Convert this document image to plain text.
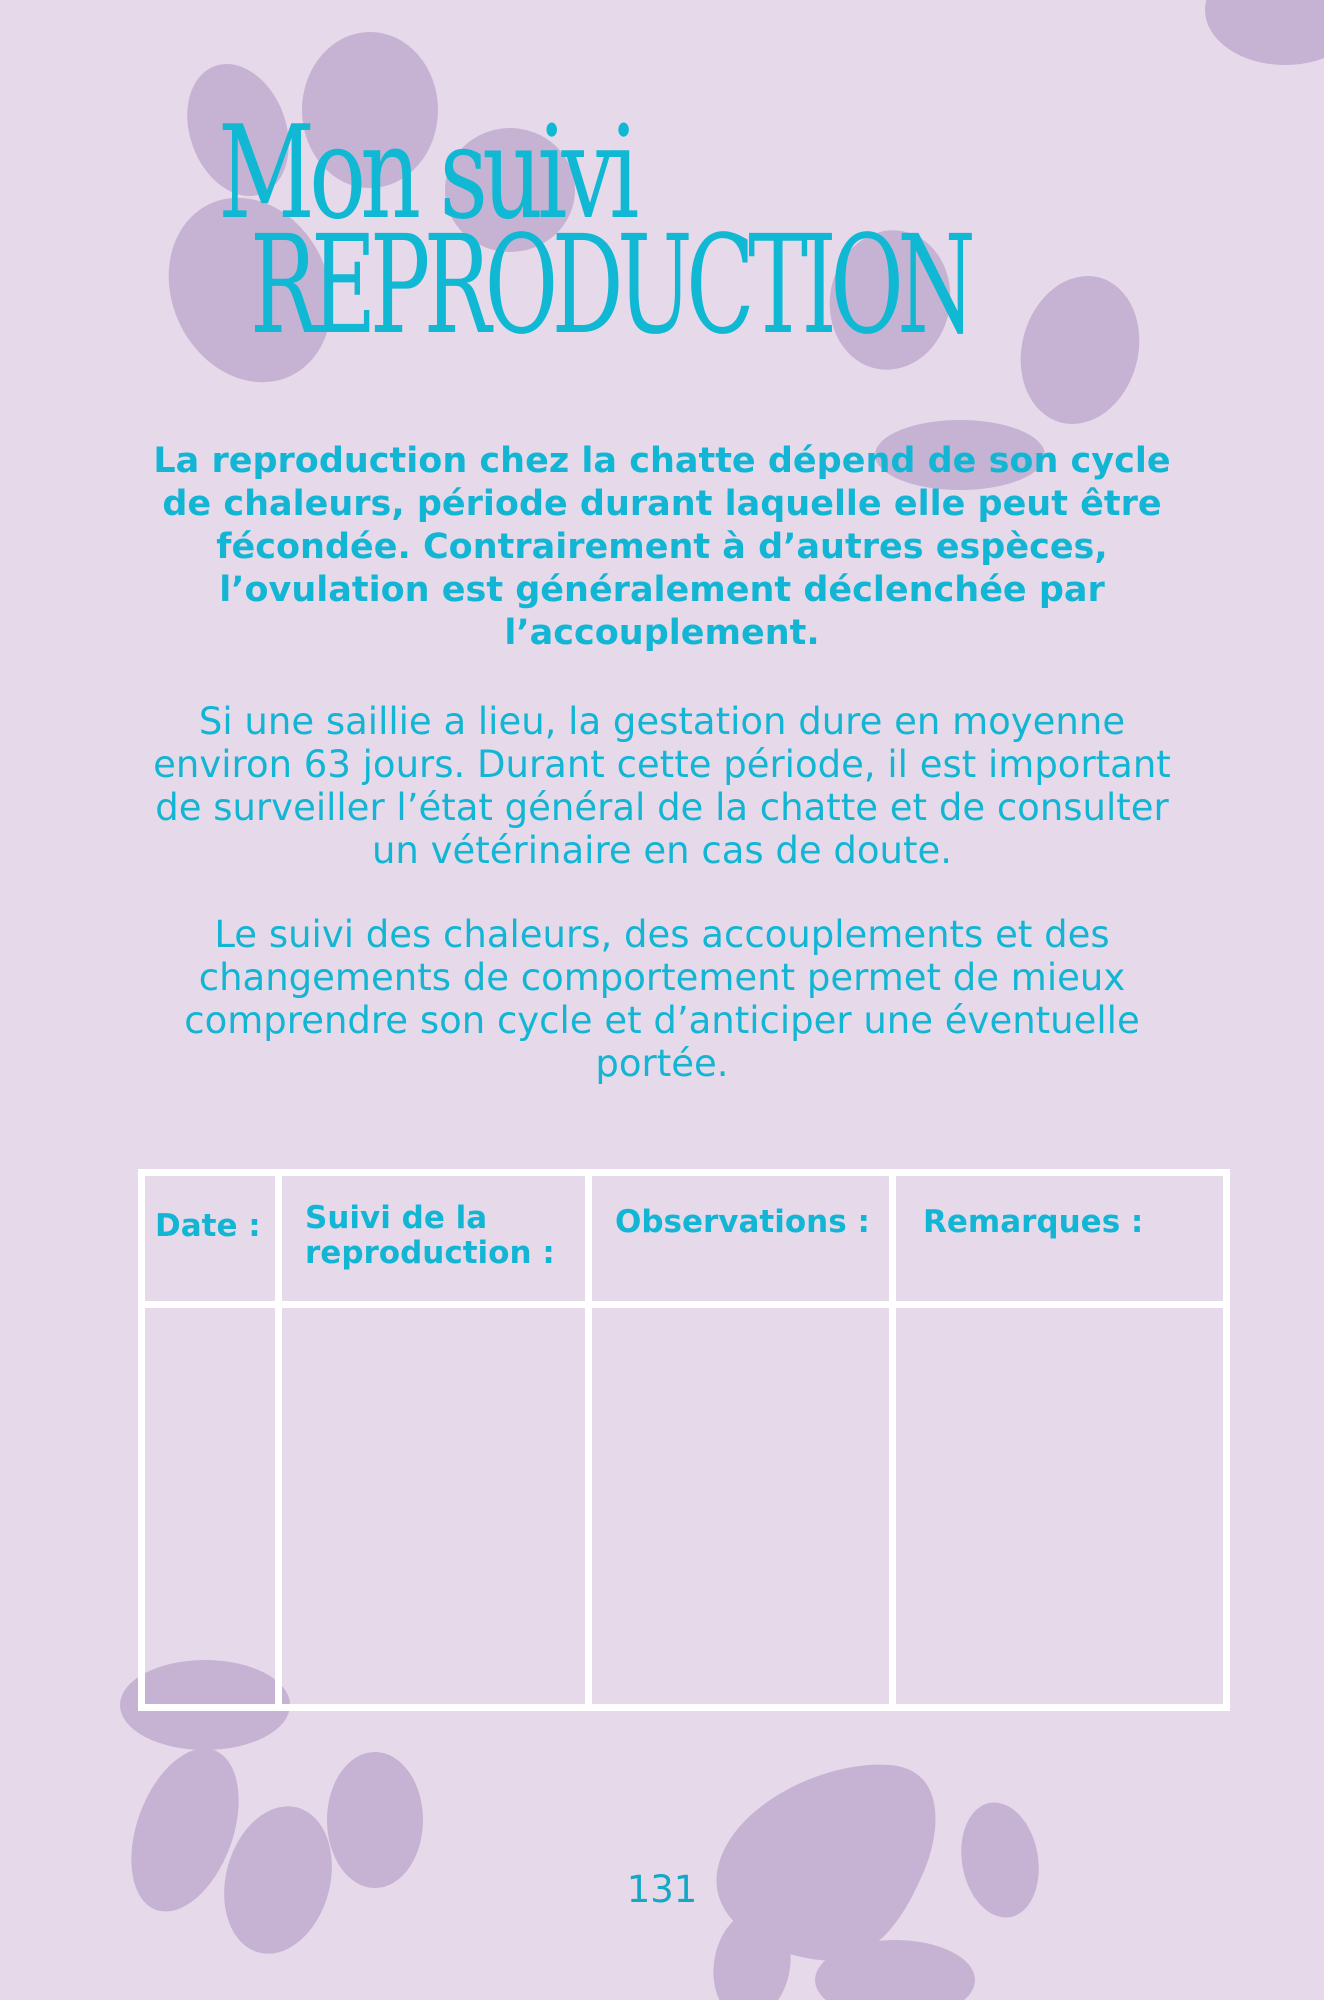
Mon suivi
REPRODUCTION
La reproduction chez la chatte dépend de son cycle de chaleurs, période durant laquelle elle peut être fécondée. Contrairement à d’autres espèces, l’ovulation est généralement déclenchée par l’accouplement.
Si une saillie a lieu, la gestation dure en moyenne environ 63 jours. Durant cette période, il est important de surveiller l’état général de la chatte et de consulter un vétérinaire en cas de doute.
Le suivi des chaleurs, des accouplements et des changements de comportement permet de mieux comprendre son cycle et d’anticiper une éventuelle portée.
Date : Suivi de la reproduction :
Observations : Remarques :
131
